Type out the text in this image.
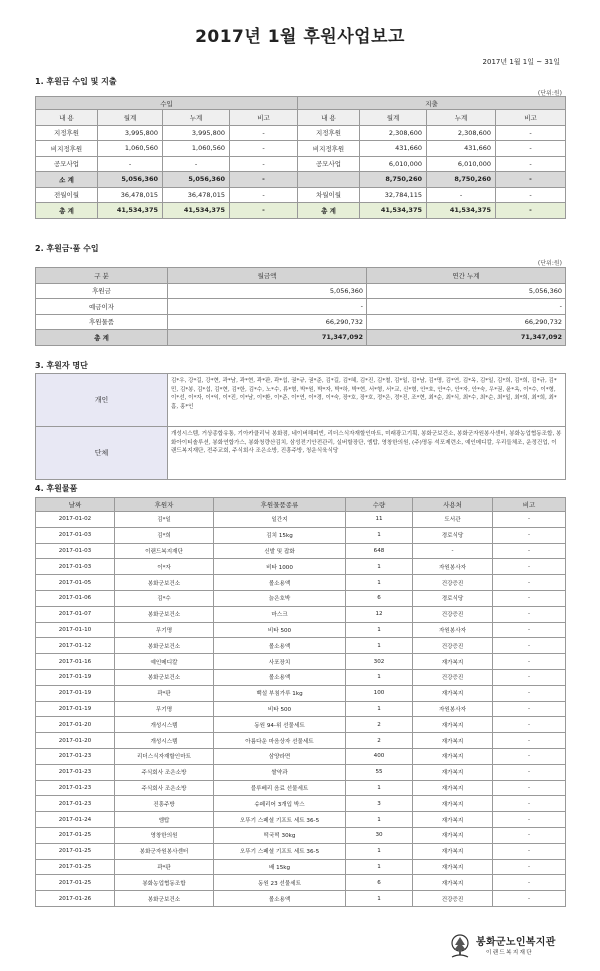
2017년 1월 후원사업보고
2017년 1월 1일 ~ 31일
1. 후원금 수입 및 지출
(단위:원)
수입				지출			
내 용	월계	누계	비고	내 용	월계	누계	비고
지정후원	3,995,800	3,995,800	-	지정후원	2,308,600	2,308,600	-
비지정후원	1,060,560	1,060,560	-	비지정후원	431,660	431,660	-
공모사업	-	-	-	공모사업	6,010,000	6,010,000	-
소 계	5,056,360	5,056,360	-		8,750,260	8,750,260	-
전월이월	36,478,015	36,478,015	-	차월이월	32,784,115	-	-
총 계	41,534,375	41,534,375	-	총 계	41,534,375	41,534,375	-
2. 후원금·품 수입
(단위:원)
구 분	월금액	연간 누계
후원금	5,056,360	5,056,360
예금이자	-	-
후원물품	66,290,732	66,290,732
총 계	71,347,092	71,347,092
3. 후원자 명단
개인	김*우, 강*길, 강*현, 곽*남, 곽*현, 곽*판, 곽*섭, 권*규, 권*준, 김*길, 김*혜, 김*진, 김*철, 김*일, 김*남, 김*명, 김*연, 김*옥, 김*일, 김*희, 김*희, 김*규, 김*민, 김*봉, 김*섭, 김*현, 김*한, 김*수, 노*수, 류*형, 박*원, 박*자, 박*하, 박*현, 서*형, 서*교, 신*형, 안*호, 안*수, 안*자, 안*숙, 우*권, 윤*옥, 이*수, 이*형, 이*선, 이*자, 이*익, 이*진, 이*남, 이*환, 이*준, 이*연, 이*경, 이*숙, 장*호, 장*호, 정*은, 정*진, 조*현, 최*순, 최*식, 최*수, 최*순, 최*일, 최*희, 최*희, 최*흠, 홍*인
단체	개성시스템, 거상종합유통, 기아카클리닉 봉화점, 네이버해피빈, 리더스식자재할인마트, 미래광고기획, 봉화군보건소, 봉화군자원봉사센터, 봉화농업협동조합, 봉화아이티솔루션, 봉화연합가스, 봉화청량산김치, 삼성전기안전관리, 실버할장단, 엠탑, 영창한의원, (주)명동 석포제련소, 예인메디칼, 우리들체조, 운정건업, 이랜드복지재단, 전주교회, 주식회사 조은소방, 진흥주방, 청운식육식당
4. 후원물품
날짜	후원자	후원물품종류	수량	사용처	비고
2017-01-02	김*일	일간지	11	도서관	-
2017-01-03	김*희	김치 15kg	1	경로식당	-
2017-01-03	이랜드복지재단	신발 및 잡화	648	-	-
2017-01-03	이*자	비타 1000	1	자원봉사자	-
2017-01-05	봉화군보건소	볼소용액	1	건강증진	-
2017-01-06	김*수	늙은호박	6	경로식당	-
2017-01-07	봉화군보건소	마스크	12	건강증진	-
2017-01-10	무기명	비타 500	1	자원봉사자	-
2017-01-12	봉화군보건소	볼소용액	1	건강증진	-
2017-01-16	예인메디칼	사포장치	302	재가복지	-
2017-01-19	봉화군보건소	볼소용액	1	건강증진	-
2017-01-19	곽*판	백설 부침가루 1kg	100	재가복지	-
2017-01-19	무기명	비타 500	1	자원봉사자	-
2017-01-20	개성시스템	동원 94-위 선물세트	2	재가복지	-
2017-01-20	개성시스템	아름다운 마음상자 선물세트	2	재가복지	-
2017-01-23	리더스식자재할인마트	삼양라면	400	재가복지	-
2017-01-23	주식회사 조은소방	쌀약과	55	재가복지	-
2017-01-23	주식회사 조은소방	블루베리 음료 선물세트	1	재가복지	-
2017-01-23	진흥주방	슈페리어 3개입 박스	3	재가복지	-
2017-01-24	엠탑	오뚜기 스페셜 기프트 세트 36-5	1	재가복지	-
2017-01-25	영창한의원	떡국떡 30kg	30	재가복지	-
2017-01-25	봉화군자원봉사센터	오뚜기 스페셜 기프트 세트 36-5	1	재가복지	-
2017-01-25	곽*판	배 15kg	1	재가복지	-
2017-01-25	봉화농업협동조합	동원 23 선물세트	6	재가복지	-
2017-01-26	봉화군보건소	볼소용액	1	건강증진	-
봉화군노인복지관
이랜드복지재단
